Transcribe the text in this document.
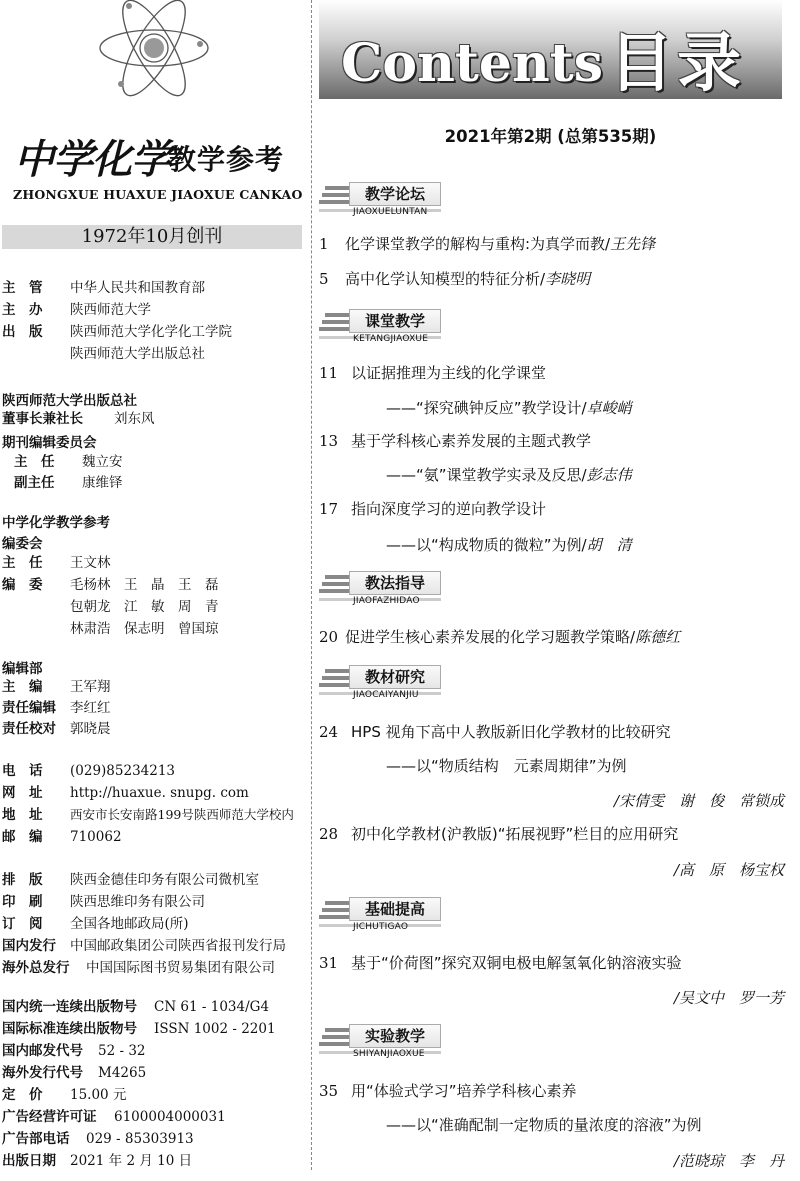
中学化学
教学参考
ZHONGXUE HUAXUE JIAOXUE CANKAO
1972年10月创刊
主　管 中华人民共和国教育部
主　办 陕西师范大学
出　版 陕西师范大学化学化工学院
陕西师范大学出版总社
陕西师范大学出版总社
董事长兼社长 刘东风
期刊编辑委员会
主　任 魏立安
副主任 康维铎
中学化学教学参考
编委会
主　任 王文林
编　委 毛杨林　王　晶　王　磊
包朝龙　江　敏　周　青
林肃浩　保志明　曾国琼
编辑部
主　编 王军翔
责任编辑 李红红
责任校对 郭晓晨
电　话 (029)85234213
网　址 http://huaxue. snupg. com
地　址 西安市长安南路199号陕西师范大学校内
邮　编 710062
排　版 陕西金德佳印务有限公司微机室
印　刷 陕西思维印务有限公司
订　阅 全国各地邮政局(所)
国内发行 中国邮政集团公司陕西省报刊发行局
海外总发行 中国国际图书贸易集团有限公司
国内统一连续出版物号 CN 61 - 1034/G4
国际标准连续出版物号 ISSN 1002 - 2201
国内邮发代号 52 - 32
海外发行代号 M4265
定　价 15.00 元
广告经营许可证 6100004000031
广告部电话 029 - 85303913
出版日期 2021 年 2 月 10 日
Contents目录
2021年第2期 (总第535期)
教学论坛
JIAOXUELUNTAN
1 化学课堂教学的解构与重构:为真学而教/王先锋
5 高中化学认知模型的特征分析/李晓明
课堂教学
KETANGJIAOXUE
11 以证据推理为主线的化学课堂
——“探究碘钟反应”教学设计/卓峻峭
13 基于学科核心素养发展的主题式教学
——“氨”课堂教学实录及反思/彭志伟
17 指向深度学习的逆向教学设计
——以“构成物质的微粒”为例/胡　清
教法指导
JIAOFAZHIDAO
20 促进学生核心素养发展的化学习题教学策略/陈德红
教材研究
JIAOCAIYANJIU
24 HPS 视角下高中人教版新旧化学教材的比较研究
——以“物质结构　元素周期律”为例
/宋倩雯　谢　俊　常锁成
28 初中化学教材(沪教版)“拓展视野”栏目的应用研究
/高　原　杨宝权
基础提高
JICHUTIGAO
31 基于“价荷图”探究双铜电极电解氢氧化钠溶液实验
/吴文中　罗一芳
实验教学
SHIYANJIAOXUE
35 用“体验式学习”培养学科核心素养
——以“准确配制一定物质的量浓度的溶液”为例
/范晓琼　李　丹
